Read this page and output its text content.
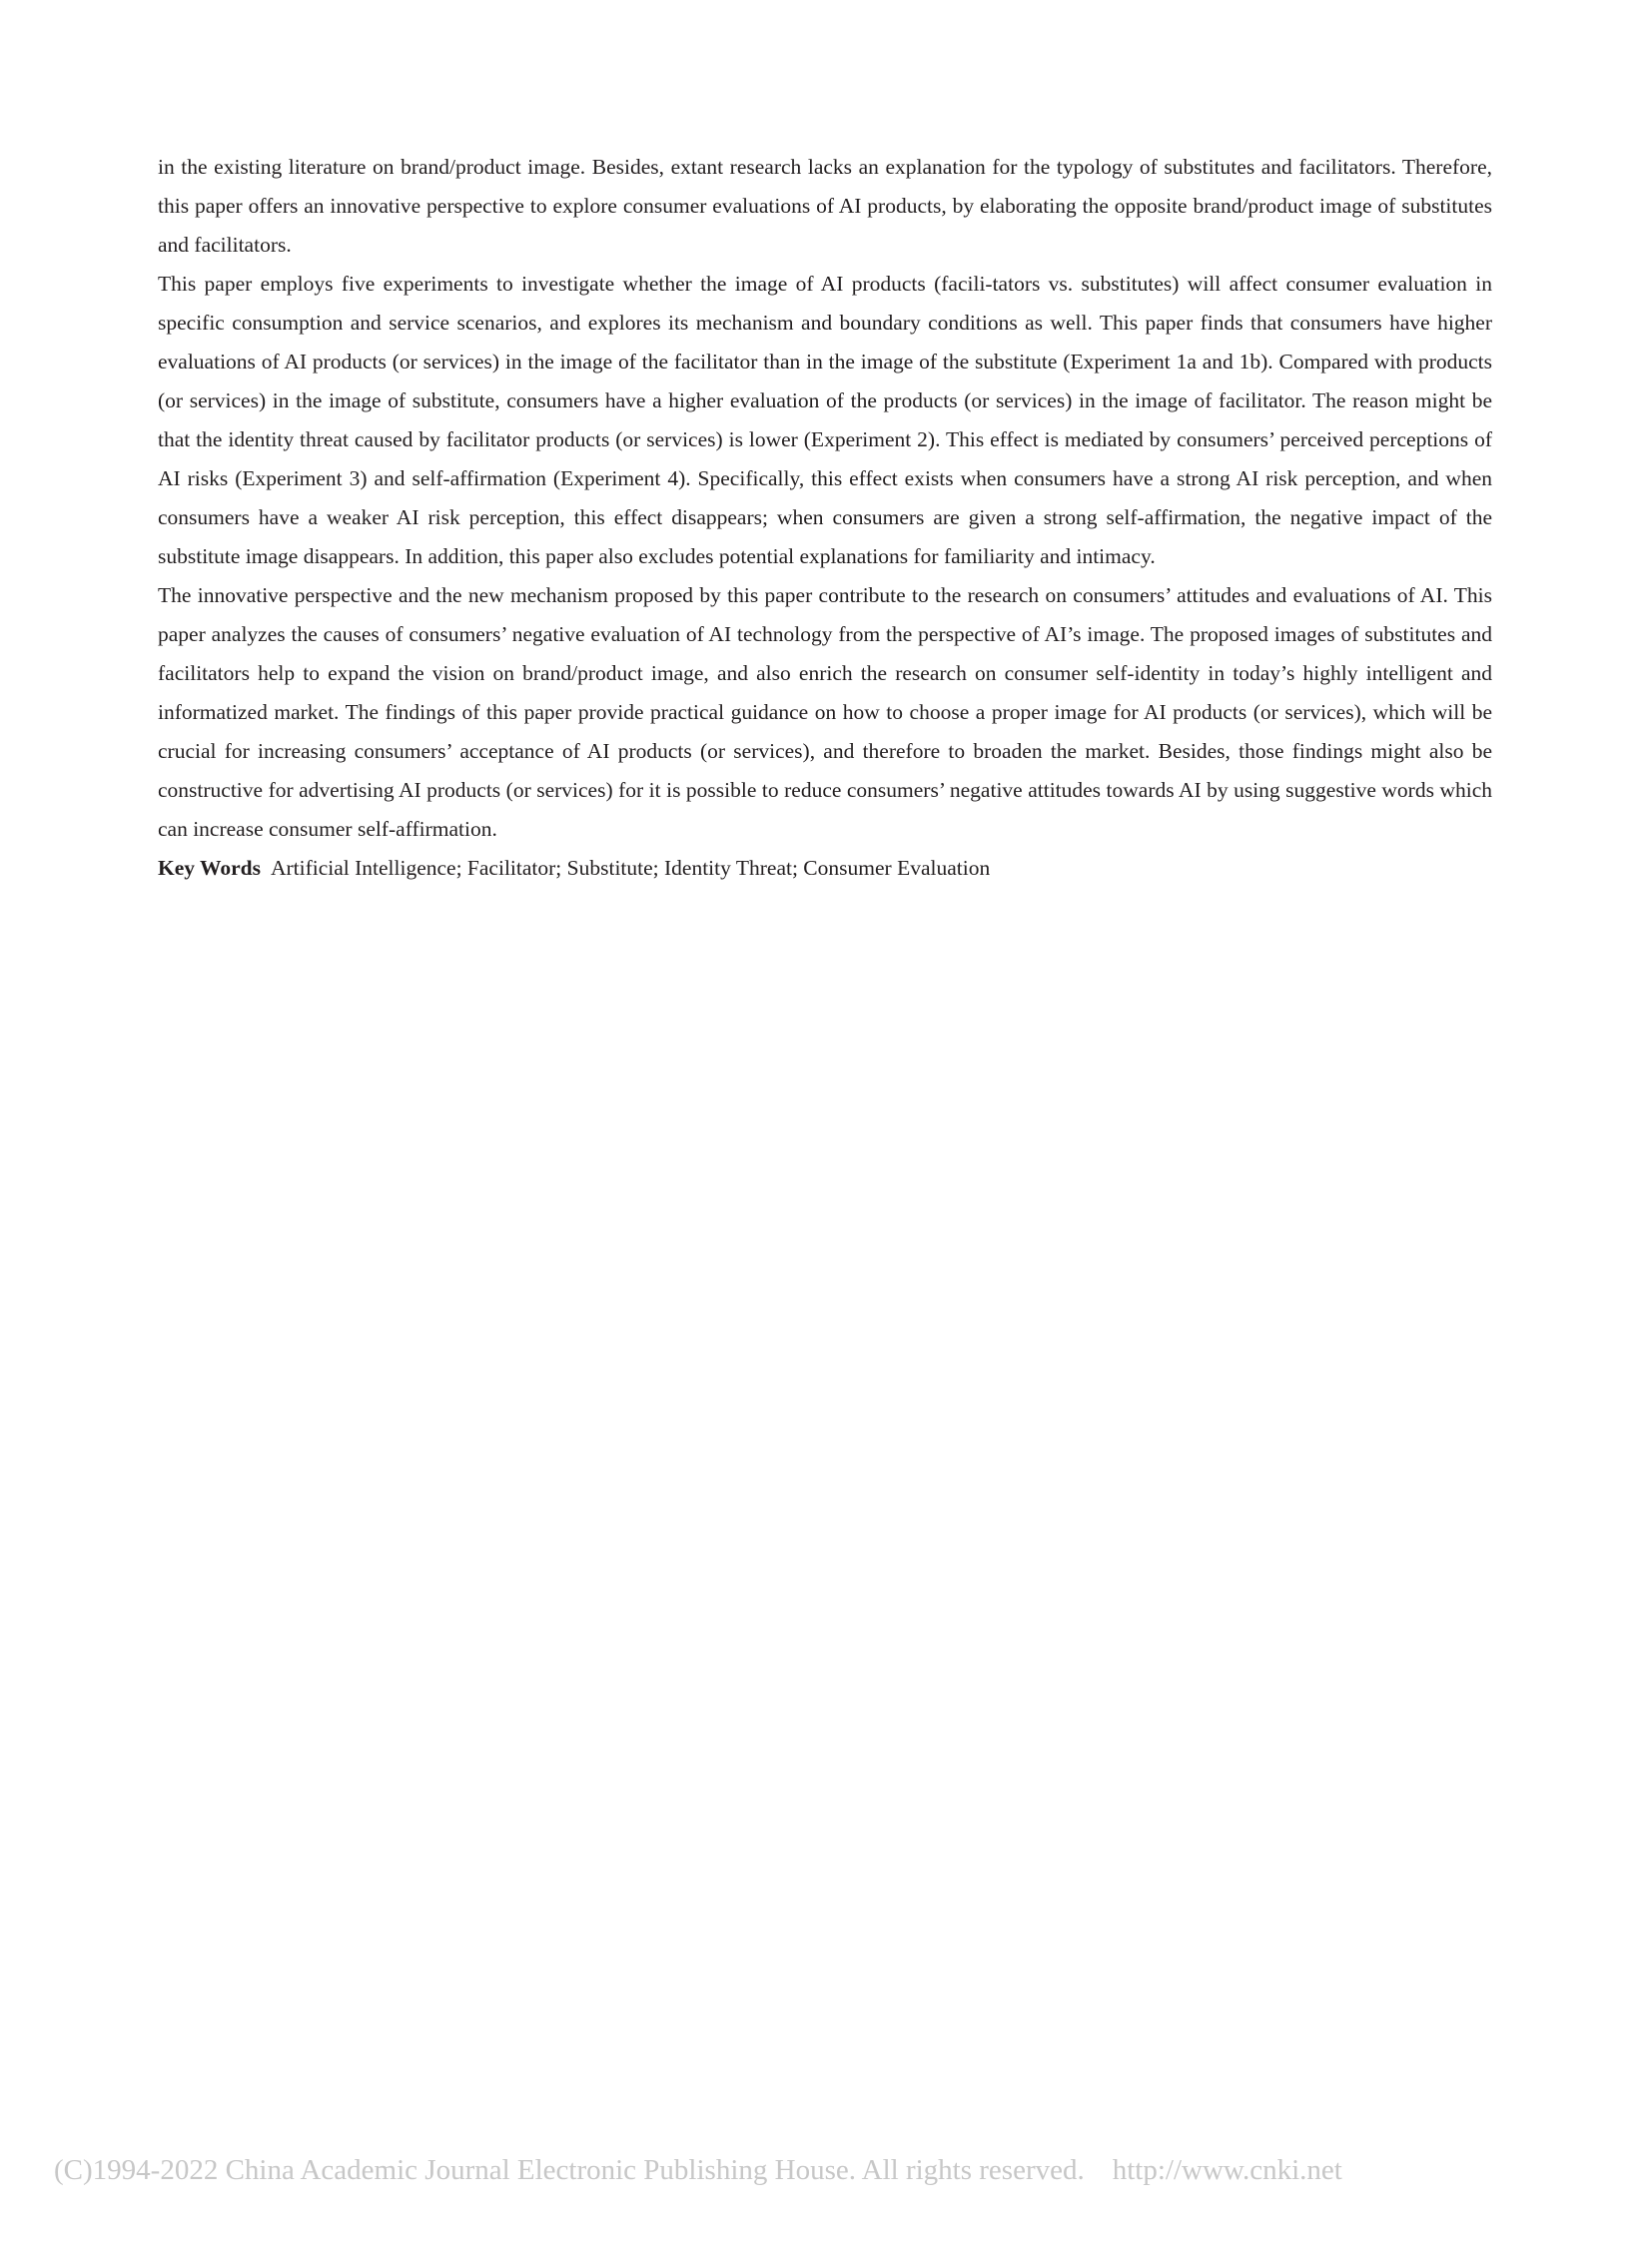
in the existing literature on brand/product image. Besides, extant research lacks an explanation for the typology of substitutes and facilitators. Therefore, this paper offers an innovative perspective to explore consumer evaluations of AI products, by elaborating the opposite brand/product image of substitutes and facilitators.

This paper employs five experiments to investigate whether the image of AI products (facili-tators vs. substitutes) will affect consumer evaluation in specific consumption and service scenarios, and explores its mechanism and boundary conditions as well. This paper finds that consumers have higher evaluations of AI products (or services) in the image of the facilitator than in the image of the substitute (Experiment 1a and 1b). Compared with products (or services) in the image of substitute, consumers have a higher evaluation of the products (or services) in the image of facilitator. The reason might be that the identity threat caused by facilitator products (or services) is lower (Experiment 2). This effect is mediated by consumers’ perceived perceptions of AI risks (Experiment 3) and self-affirmation (Experiment 4). Specifically, this effect exists when consumers have a strong AI risk perception, and when consumers have a weaker AI risk perception, this effect disappears; when consumers are given a strong self-affirmation, the negative impact of the substitute image disappears. In addition, this paper also excludes potential explanations for familiarity and intimacy.

The innovative perspective and the new mechanism proposed by this paper contribute to the research on consumers’ attitudes and evaluations of AI. This paper analyzes the causes of consumers’ negative evaluation of AI technology from the perspective of AI’s image. The proposed images of substitutes and facilitators help to expand the vision on brand/product image, and also enrich the research on consumer self-identity in today’s highly intelligent and informatized market. The findings of this paper provide practical guidance on how to choose a proper image for AI products (or services), which will be crucial for increasing consumers’ acceptance of AI products (or services), and therefore to broaden the market. Besides, those findings might also be constructive for advertising AI products (or services) for it is possible to reduce consumers’ negative attitudes towards AI by using suggestive words which can increase consumer self-affirmation.

Key Words Artificial Intelligence; Facilitator; Substitute; Identity Threat; Consumer Evaluation

(C)1994-2022 China Academic Journal Electronic Publishing House. All rights reserved. http://www.cnki.net
